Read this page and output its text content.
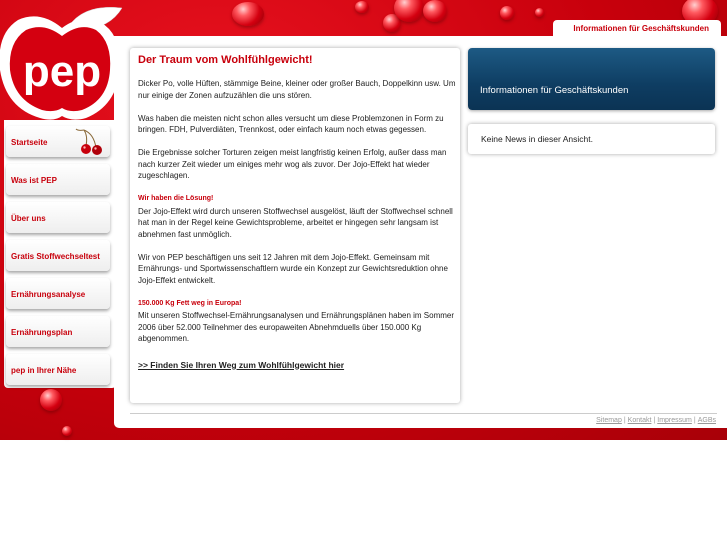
pep
Informationen für Geschäftskunden
Startseite
Was ist PEP
Über uns
Gratis Stoffwechseltest
Ernährungsanalyse
Ernährungsplan
pep in Ihrer Nähe
Der Traum vom Wohlfühlgewicht!

Dicker Po, volle Hüften, stämmige Beine, kleiner oder großer Bauch, Doppelkinn usw. Um nur einige der Zonen aufzuzählen die uns stören.

Was haben die meisten nicht schon alles versucht um diese Problemzonen in Form zu bringen. FDH, Pulverdiäten, Trennkost, oder einfach kaum noch etwas gegessen.

Die Ergebnisse solcher Torturen zeigen meist langfristig keinen Erfolg, außer dass man nach kurzer Zeit wieder um einiges mehr wog als zuvor. Der Jojo-Effekt hat wieder zugeschlagen.

Wir haben die Lösung!
Der Jojo-Effekt wird durch unseren Stoffwechsel ausgelöst, läuft der Stoffwechsel schnell hat man in der Regel keine Gewichtsprobleme, arbeitet er hingegen sehr langsam ist abnehmen fast unmöglich.

Wir von PEP beschäftigen uns seit 12 Jahren mit dem Jojo-Effekt. Gemeinsam mit Ernährungs- und Sportwissenschaftlern wurde ein Konzept zur Gewichtsreduktion ohne Jojo-Effekt entwickelt.

150.000 Kg Fett weg in Europa!
Mit unseren Stoffwechsel-Ernährungsanalysen und Ernährungsplänen haben im Sommer 2006 über 52.000 Teilnehmer des europaweiten Abnehmduells über 150.000 Kg abgenommen.

>> Finden Sie Ihren Weg zum Wohlfühlgewicht hier
Informationen für Geschäftskunden
Keine News in dieser Ansicht.
Sitemap | Kontakt | Impressum | AGBs
